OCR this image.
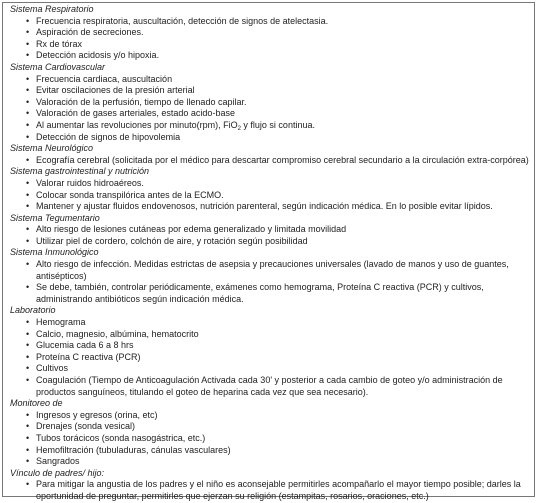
Sistema Respiratorio

• Frecuencia respiratoria, auscultación, detección de signos de atelectasia.
• Aspiración de secreciones.
• Rx de tórax
• Detección acidosis y/o hipoxia.

Sistema Cardiovascular

• Frecuencia cardiaca, auscultación
• Evitar oscilaciones de la presión arterial
• Valoración de la perfusión, tiempo de llenado capilar.
• Valoración de gases arteriales, estado acido-base
• Al aumentar las revoluciones por minuto(rpm), FiO$_2$ y flujo si continua.
• Detección de signos de hipovolemia

Sistema Neurológico

• Ecografía cerebral (solicitada por el médico para descartar compromiso cerebral secundario a la circulación extra-corpórea)

Sistema gastrointestinal y nutrición

• Valorar ruidos hidroaéreos.
• Colocar sonda transpilórica antes de la ECMO.
• Mantener y ajustar fluidos endovenosos, nutrición parenteral, según indicación médica. En lo posible evitar lípidos.

Sistema Tegumentario

• Alto riesgo de lesiones cutáneas por edema generalizado y limitada movilidad
• Utilizar piel de cordero, colchón de aire, y rotación según posibilidad

Sistema Inmunológico

• Alto riesgo de infección. Medidas estrictas de asepsia y precauciones universales (lavado de manos y uso de guantes, antisépticos)
• Se debe, también, controlar periódicamente, exámenes como hemograma, Proteína C reactiva (PCR) y cultivos, administrando antibióticos según indicación médica.

Laboratorio

• Hemograma
• Calcio, magnesio, albúmina, hematocrito
• Glucemia cada 6 a 8 hrs
• Proteína C reactiva (PCR)
• Cultivos
• Coagulación (Tiempo de Anticoagulación Activada cada 30' y posterior a cada cambio de goteo y/o administración de productos sanguíneos, titulando el goteo de heparina cada vez que sea necesario).

Monitoreo de

• Ingresos y egresos (orina, etc)
• Drenajes (sonda vesical)
• Tubos torácicos (sonda nasogástrica, etc.)
• Hemofiltración (tubuladuras, cánulas vasculares)
• Sangrados

Vínculo de padres/ hijo:

• Para mitigar la angustia de los padres y el niño es aconsejable permitirles acompañarlo el mayor tiempo posible; darles la oportunidad de preguntar, permitirles que ejerzan su religión (estampitas, rosarios, oraciones, etc.)
